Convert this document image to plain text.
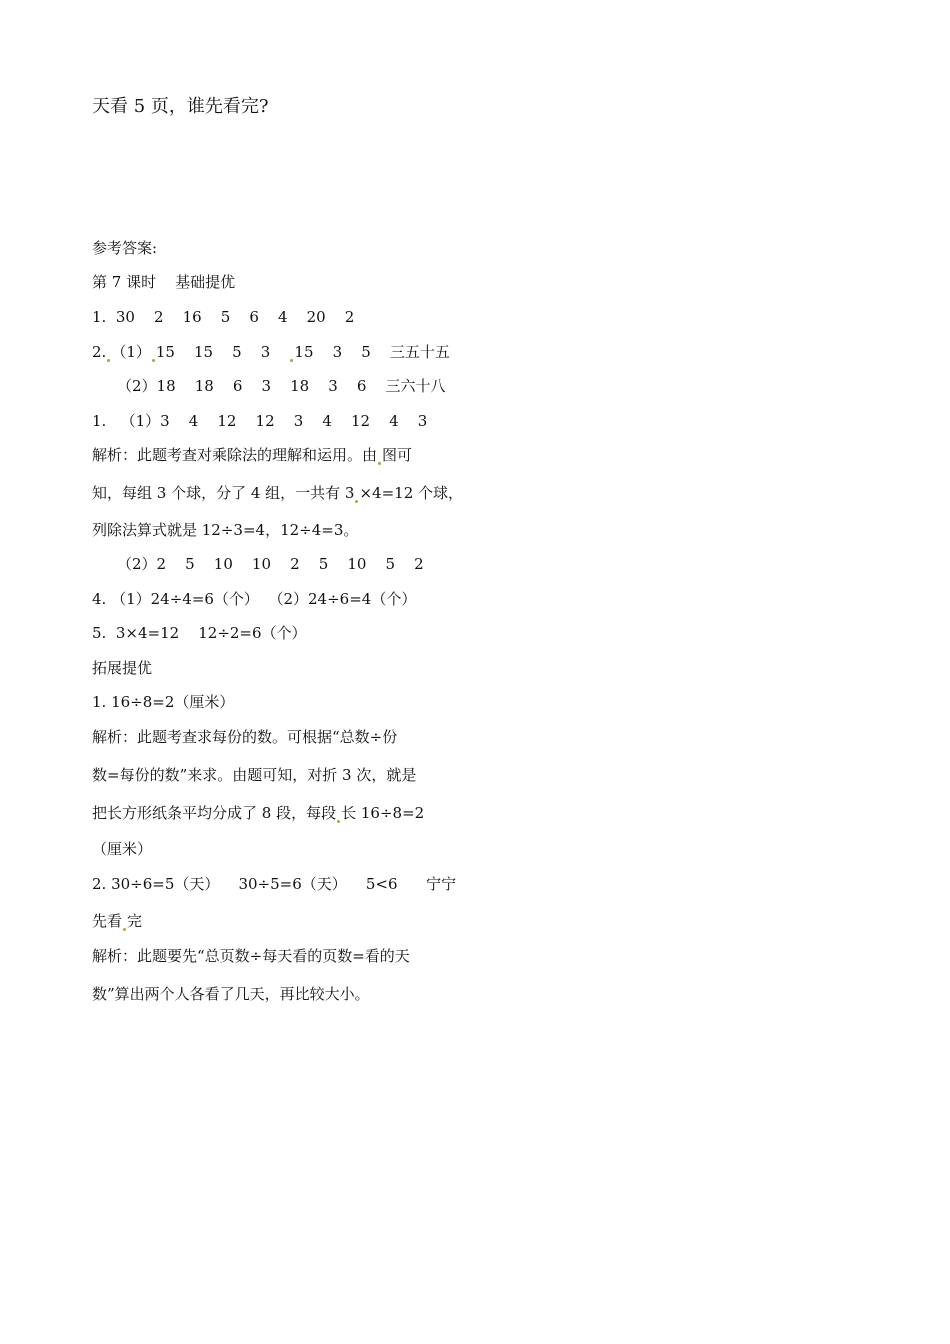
天看 5 页，谁先看完?
参考答案:
第 7 课时    基础提优
1.  30    2    16    5    6    4    20    2
2. （1） 15    15    5    3    15    3    5    三五十五
（2）18    18    6    3    18    3    6    三六十八
1.   （1）3    4    12    12    3    4    12    4    3
解析：此题考查对乘除法的理解和运用。由 图可
知，每组 3 个球，分了 4 组，一共有 3 ×4=12 个球，
列除法算式就是 12÷3=4，12÷4=3。
（2）2    5    10    10    2    5    10    5    2
4. （1）24÷4=6（个）  （2）24÷6=4（个）
5.  3×4=12    12÷2=6（个）
拓展提优
1. 16÷8=2（厘米）
解析：此题考查求每份的数。可根据“总数÷份
数=每份的数”来求。由题可知，对折 3 次，就是
把长方形纸条平均分成了 8 段，每段 长 16÷8=2
（厘米）
2. 30÷6=5（天）    30÷5=6（天）    5<6      宁宁
先看 完
解析：此题要先“总页数÷每天看的页数=看的天
数”算出两个人各看了几天，再比较大小。
